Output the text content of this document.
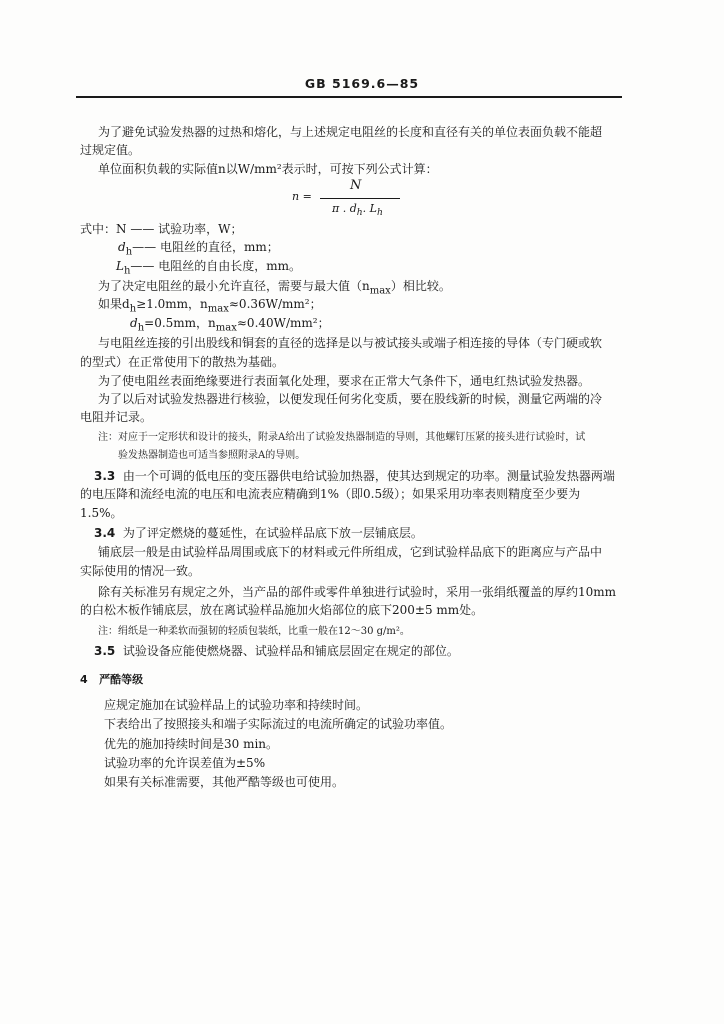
GB 5169.6—85
为了避免试验发热器的过热和熔化，与上述规定电阻丝的长度和直径有关的单位表面负载不能超
过规定值。
单位面积负载的实际值n以W/mm²表示时，可按下列公式计算：
n =
N
π . $d_h$. $L_h$
式中：N —— 试验功率，W；
$d_h——$ 电阻丝的直径，mm；
$L_h——$ 电阻丝的自由长度，mm。
为了决定电阻丝的最小允许直径，需要与最大值$(n_{max})$相比较。
如果$d_h\ge 1.0mm$，$n_{max}\approx 0.36W$/mm²；
$d_h=0.5mm$，$n_{max}\approx 0.40W$/mm²；
与电阻丝连接的引出股线和铜套的直径的选择是以与被试接头或端子相连接的导体（专门硬或软
的型式）在正常使用下的散热为基础。
为了使电阻丝表面绝缘要进行表面氧化处理，要求在正常大气条件下，通电红热试验发热器。
为了以后对试验发热器进行核验，以便发现任何劣化变质，要在股线新的时候，测量它两端的冷
电阻并记录。
注：对应于一定形状和设计的接头，附录A给出了试验发热器制造的导则，其他螺钉压紧的接头进行试验时，试
验发热器制造也可适当参照附录A的导则。
3.3 由一个可调的低电压的变压器供电给试验加热器，使其达到规定的功率。测量试验发热器两端
的电压降和流经电流的电压和电流表应精确到1%（即0.5级）；如果采用功率表则精度至少要为
1.5%。
3.4 为了评定燃烧的蔓延性，在试验样品底下放一层铺底层。
铺底层一般是由试验样品周围或底下的材料或元件所组成，它到试验样品底下的距离应与产品中
实际使用的情况一致。
除有关标准另有规定之外，当产品的部件或零件单独进行试验时，采用一张绢纸覆盖的厚约10mm
的白松木板作铺底层，放在离试验样品施加火焰部位的底下200±5 mm处。
注：绢纸是一种柔软而强韧的轻质包装纸，比重一般在12～30 g/m²。
3.5 试验设备应能使燃烧器、试验样品和铺底层固定在规定的部位。
4 严酷等级
应规定施加在试验样品上的试验功率和持续时间。
下表给出了按照接头和端子实际流过的电流所确定的试验功率值。
优先的施加持续时间是30 min。
试验功率的允许误差值为±5%
如果有关标准需要，其他严酷等级也可使用。
